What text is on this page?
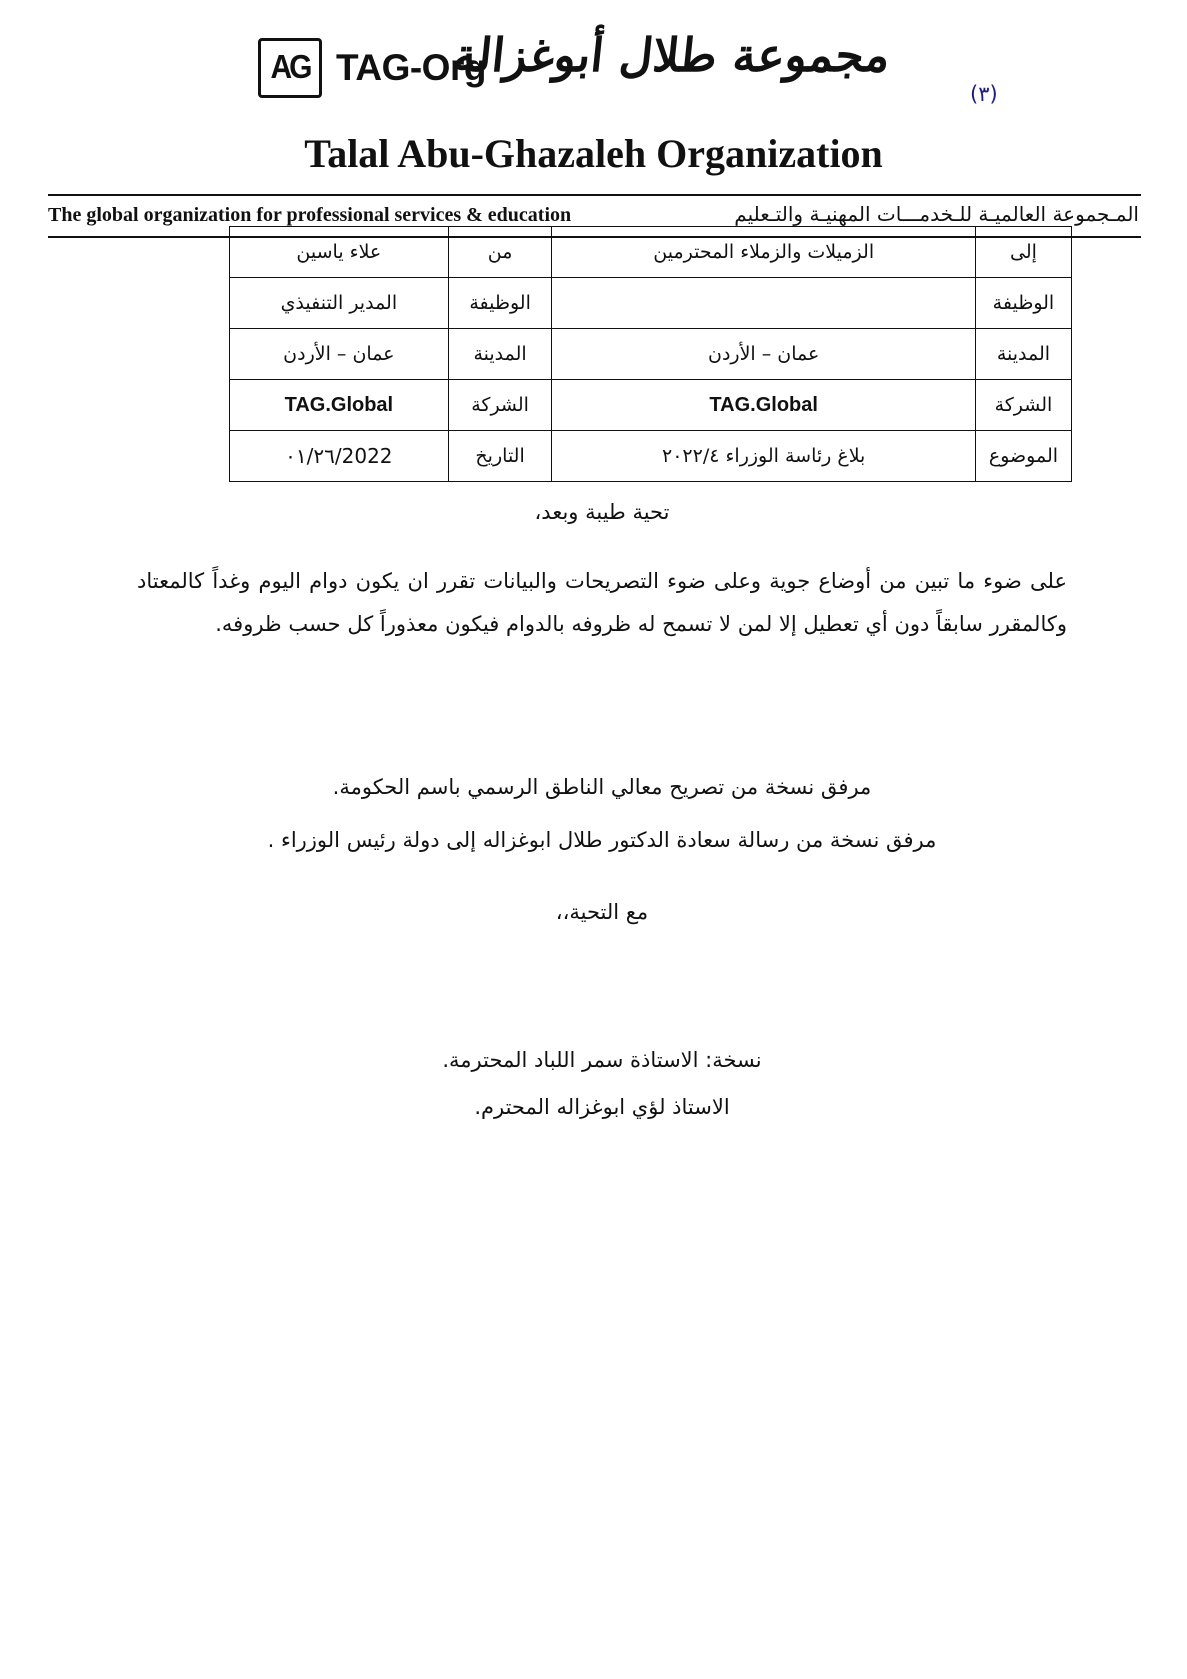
AG TAG-Org
مجموعة طلال أبوغزالة
(٣)
Talal Abu-Ghazaleh Organization
The global organization for professional services & education	المـجموعة العالميـة للـخدمـــات المهنيـة والتـعليم
إلى	الزميلات والزملاء المحترمين	من	علاء ياسين
الوظيفة		الوظيفة	المدير التنفيذي
المدينة	عمان – الأردن	المدينة	عمان – الأردن
الشركة	TAG.Global	الشركة	TAG.Global
الموضوع	بلاغ رئاسة الوزراء ٢٠٢٢/٤	التاريخ	2022/٠١/٢٦
تحية طيبة وبعد،
على ضوء ما تبين من أوضاع جوية وعلى ضوء التصريحات والبيانات تقرر ان يكون دوام اليوم وغداً كالمعتاد وكالمقرر سابقاً دون أي تعطيل إلا لمن لا تسمح له ظروفه بالدوام فيكون معذوراً كل حسب ظروفه.
مرفق نسخة من تصريح معالي الناطق الرسمي باسم الحكومة.
مرفق نسخة من رسالة سعادة الدكتور طلال ابوغزاله إلى دولة رئيس الوزراء .
مع التحية،،
نسخة: الاستاذة سمر اللباد المحترمة.
الاستاذ لؤي ابوغزاله المحترم.
